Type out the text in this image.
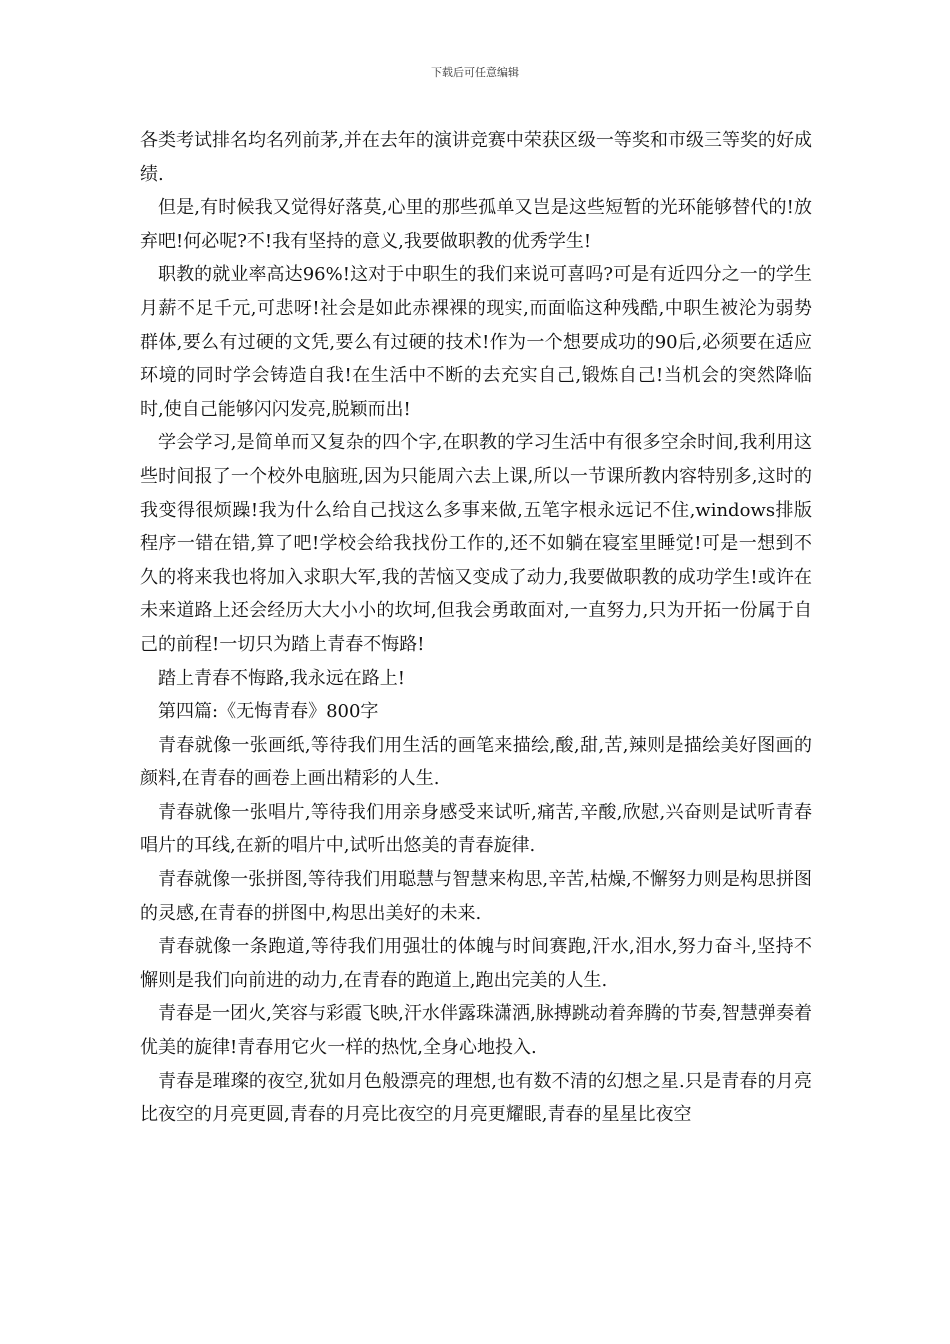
下载后可任意编辑

各类考试排名均名列前茅,并在去年的演讲竞赛中荣获区级一等奖和市级三等奖的好成绩.

但是,有时候我又觉得好落莫,心里的那些孤单又岂是这些短暂的光环能够替代的!放弃吧!何必呢?不!我有坚持的意义,我要做职教的优秀学生!

职教的就业率高达96%!这对于中职生的我们来说可喜吗?可是有近四分之一的学生月薪不足千元,可悲呀!社会是如此赤裸裸的现实,而面临这种残酷,中职生被沦为弱势群体,要么有过硬的文凭,要么有过硬的技术!作为一个想要成功的90后,必须要在适应环境的同时学会铸造自我!在生活中不断的去充实自己,锻炼自己!当机会的突然降临时,使自己能够闪闪发亮,脱颖而出!

学会学习,是简单而又复杂的四个字,在职教的学习生活中有很多空余时间,我利用这些时间报了一个校外电脑班,因为只能周六去上课,所以一节课所教内容特别多,这时的我变得很烦躁!我为什么给自己找这么多事来做,五笔字根永远记不住,windows排版程序一错在错,算了吧!学校会给我找份工作的,还不如躺在寝室里睡觉!可是一想到不久的将来我也将加入求职大军,我的苦恼又变成了动力,我要做职教的成功学生!或许在未来道路上还会经历大大小小的坎坷,但我会勇敢面对,一直努力,只为开拓一份属于自己的前程!一切只为踏上青春不悔路!

踏上青春不悔路,我永远在路上!

第四篇:《无悔青春》800字

青春就像一张画纸,等待我们用生活的画笔来描绘,酸,甜,苦,辣则是描绘美好图画的颜料,在青春的画卷上画出精彩的人生.

青春就像一张唱片,等待我们用亲身感受来试听,痛苦,辛酸,欣慰,兴奋则是试听青春唱片的耳线,在新的唱片中,试听出悠美的青春旋律.

青春就像一张拼图,等待我们用聪慧与智慧来构思,辛苦,枯燥,不懈努力则是构思拼图的灵感,在青春的拼图中,构思出美好的未来.

青春就像一条跑道,等待我们用强壮的体魄与时间赛跑,汗水,泪水,努力奋斗,坚持不懈则是我们向前进的动力,在青春的跑道上,跑出完美的人生.

青春是一团火,笑容与彩霞飞映,汗水伴露珠潇洒,脉搏跳动着奔腾的节奏,智慧弹奏着优美的旋律!青春用它火一样的热忱,全身心地投入.

青春是璀璨的夜空,犹如月色般漂亮的理想,也有数不清的幻想之星.只是青春的月亮比夜空的月亮更圆,青春的月亮比夜空的月亮更耀眼,青春的星星比夜空
